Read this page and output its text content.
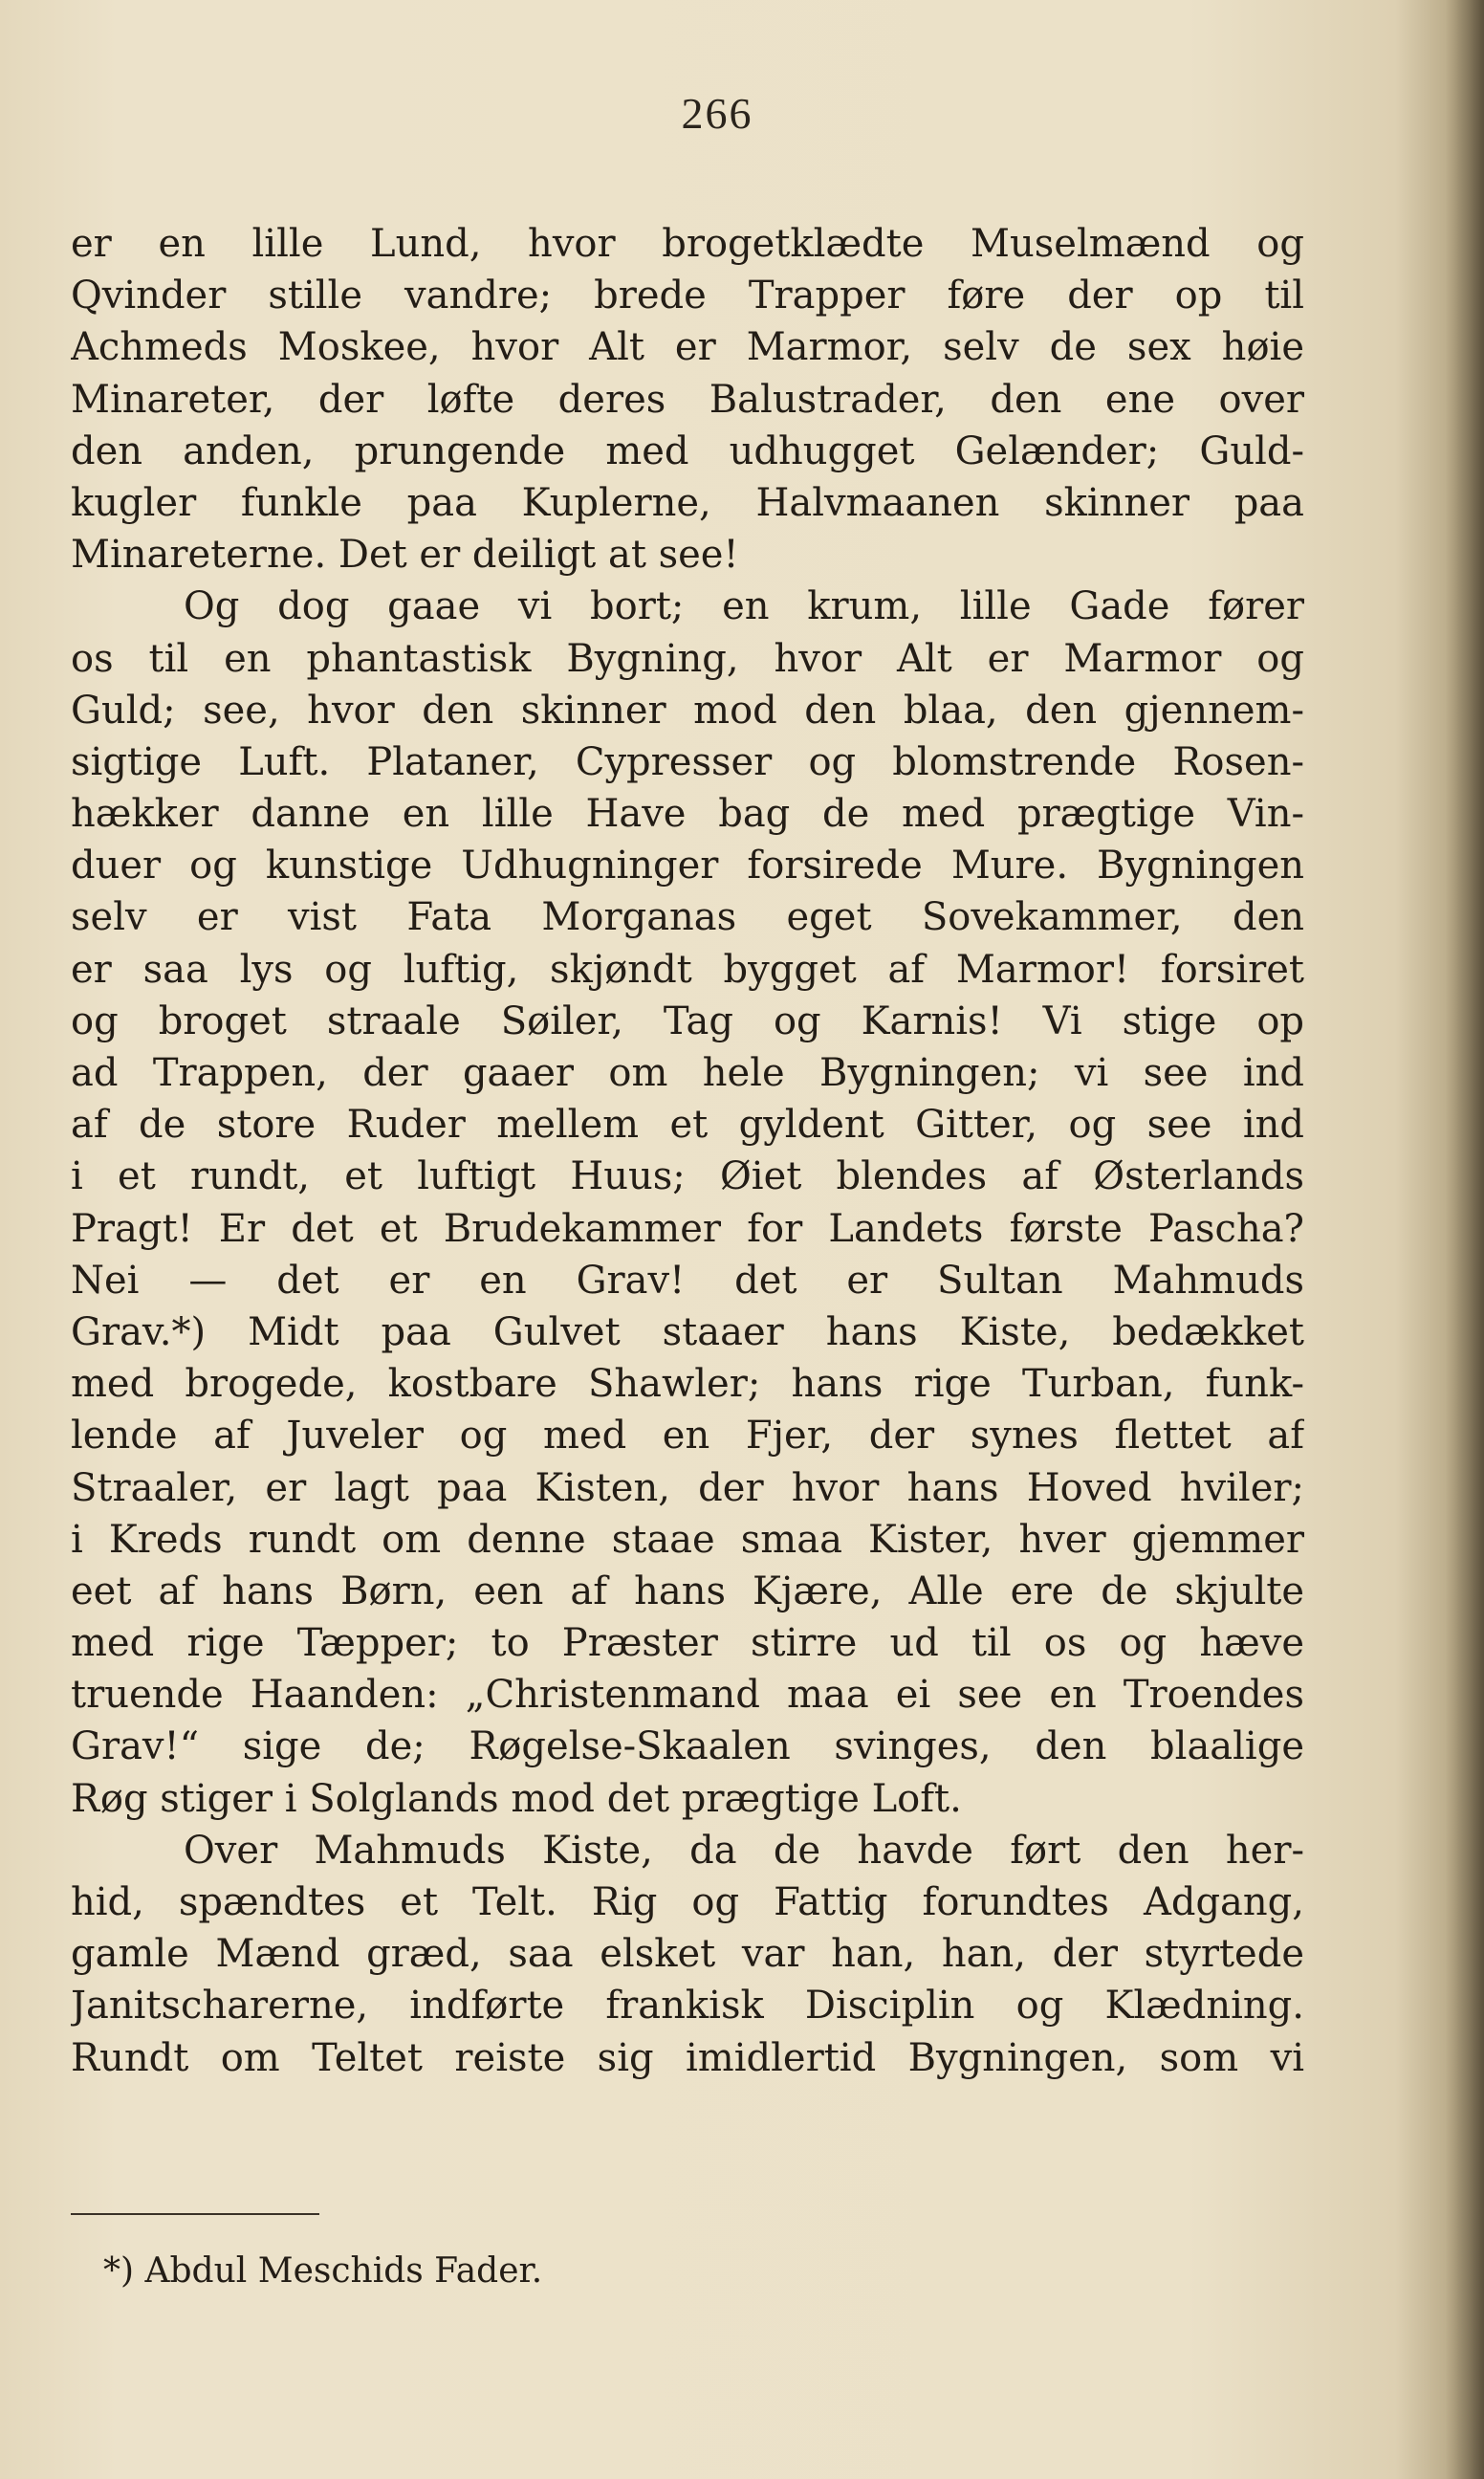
266
er en lille Lund, hvor brogetklædte Muselmænd og
Qvinder stille vandre; brede Trapper føre der op til
Achmeds Moskee, hvor Alt er Marmor, selv de sex høie
Minareter, der løfte deres Balustrader, den ene over
den anden, prungende med udhugget Gelænder; Guld-
kugler funkle paa Kuplerne, Halvmaanen skinner paa
Minareterne. Det er deiligt at see!
Og dog gaae vi bort; en krum, lille Gade fører
os til en phantastisk Bygning, hvor Alt er Marmor og
Guld; see, hvor den skinner mod den blaa, den gjennem-
sigtige Luft. Plataner, Cypresser og blomstrende Rosen-
hækker danne en lille Have bag de med prægtige Vin-
duer og kunstige Udhugninger forsirede Mure. Bygningen
selv er vist Fata Morganas eget Sovekammer, den
er saa lys og luftig, skjøndt bygget af Marmor! forsiret
og broget straale Søiler, Tag og Karnis! Vi stige op
ad Trappen, der gaaer om hele Bygningen; vi see ind
af de store Ruder mellem et gyldent Gitter, og see ind
i et rundt, et luftigt Huus; Øiet blendes af Østerlands
Pragt! Er det et Brudekammer for Landets første Pascha?
Nei — det er en Grav! det er Sultan Mahmuds
Grav.*) Midt paa Gulvet staaer hans Kiste, bedækket
med brogede, kostbare Shawler; hans rige Turban, funk-
lende af Juveler og med en Fjer, der synes flettet af
Straaler, er lagt paa Kisten, der hvor hans Hoved hviler;
i Kreds rundt om denne staae smaa Kister, hver gjemmer
eet af hans Børn, een af hans Kjære, Alle ere de skjulte
med rige Tæpper; to Præster stirre ud til os og hæve
truende Haanden: „Christenmand maa ei see en Troendes
Grav!“ sige de; Røgelse-Skaalen svinges, den blaalige
Røg stiger i Solglands mod det prægtige Loft.
Over Mahmuds Kiste, da de havde ført den her-
hid, spændtes et Telt. Rig og Fattig forundtes Adgang,
gamle Mænd græd, saa elsket var han, han, der styrtede
Janitscharerne, indførte frankisk Disciplin og Klædning.
Rundt om Teltet reiste sig imidlertid Bygningen, som vi
*) Abdul Meschids Fader.
